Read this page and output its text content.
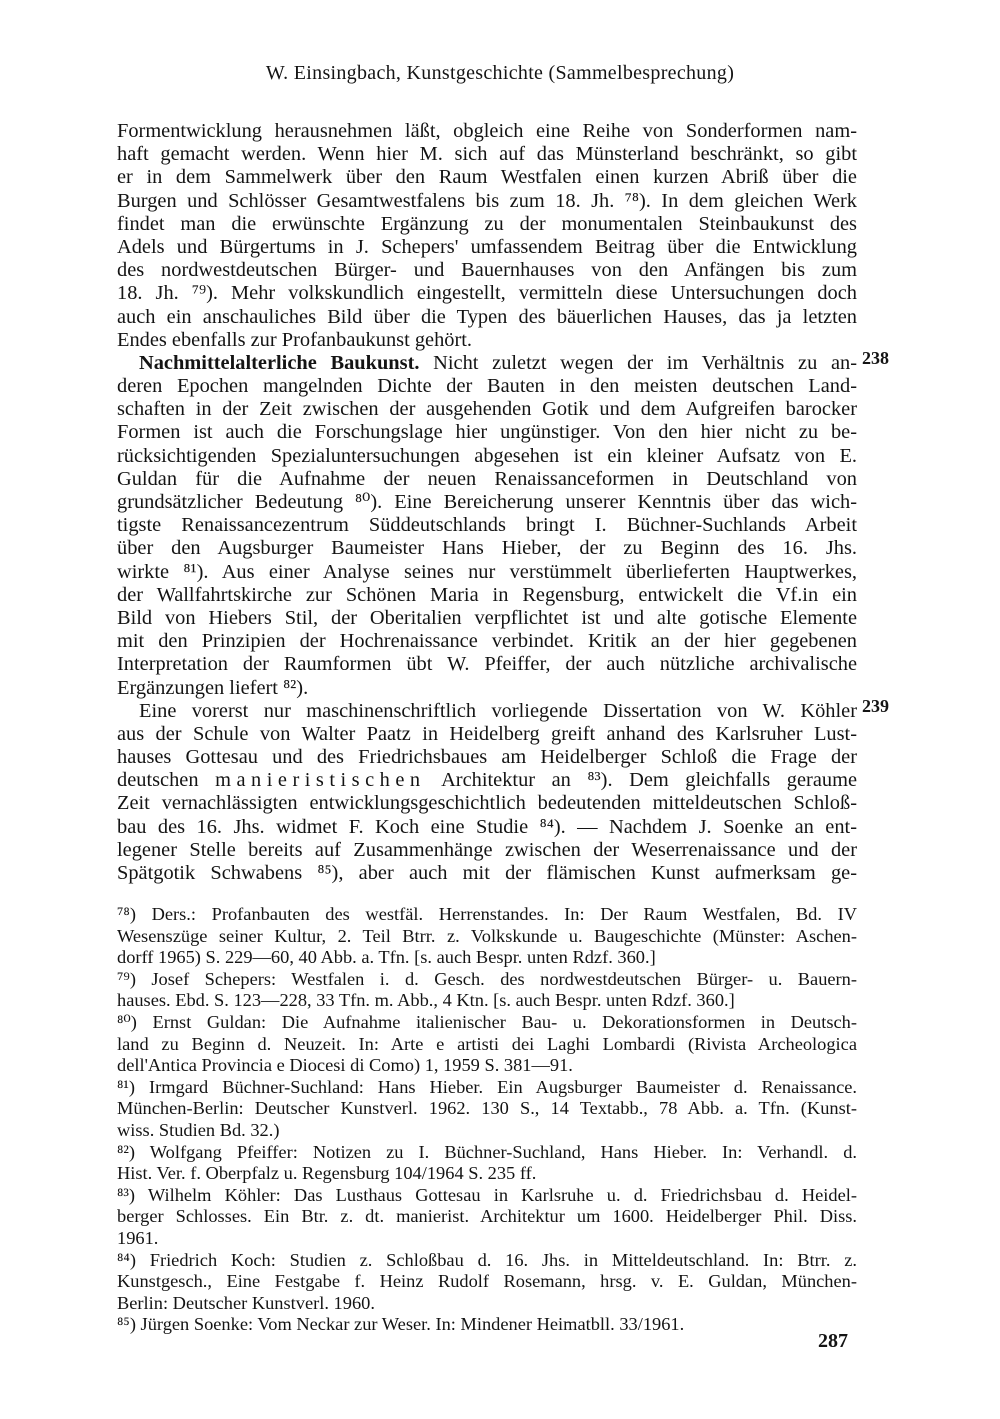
W. Einsingbach, Kunstgeschichte (Sammelbesprechung)
Formentwicklung herausnehmen läßt, obgleich eine Reihe von Sonderformen nam-
haft gemacht werden. Wenn hier M. sich auf das Münsterland beschränkt, so gibt
er in dem Sammelwerk über den Raum Westfalen einen kurzen Abriß über die
Burgen und Schlösser Gesamtwestfalens bis zum 18. Jh. ⁷⁸). In dem gleichen Werk
findet man die erwünschte Ergänzung zu der monumentalen Steinbaukunst des
Adels und Bürgertums in J. Schepers' umfassendem Beitrag über die Entwicklung
des nordwestdeutschen Bürger- und Bauernhauses von den Anfängen bis zum
18. Jh. ⁷⁹). Mehr volkskundlich eingestellt, vermitteln diese Untersuchungen doch
auch ein anschauliches Bild über die Typen des bäuerlichen Hauses, das ja letzten
Endes ebenfalls zur Profanbaukunst gehört.
Nachmittelalterliche Baukunst. Nicht zuletzt wegen der im Verhältnis zu an-
deren Epochen mangelnden Dichte der Bauten in den meisten deutschen Land-
schaften in der Zeit zwischen der ausgehenden Gotik und dem Aufgreifen barocker
Formen ist auch die Forschungslage hier ungünstiger. Von den hier nicht zu be-
rücksichtigenden Spezialuntersuchungen abgesehen ist ein kleiner Aufsatz von E.
Guldan für die Aufnahme der neuen Renaissanceformen in Deutschland von
grundsätzlicher Bedeutung ⁸⁰). Eine Bereicherung unserer Kenntnis über das wich-
tigste Renaissancezentrum Süddeutschlands bringt I. Büchner-Suchlands Arbeit
über den Augsburger Baumeister Hans Hieber, der zu Beginn des 16. Jhs.
wirkte ⁸¹). Aus einer Analyse seines nur verstümmelt überlieferten Hauptwerkes,
der Wallfahrtskirche zur Schönen Maria in Regensburg, entwickelt die Vf.in ein
Bild von Hiebers Stil, der Oberitalien verpflichtet ist und alte gotische Elemente
mit den Prinzipien der Hochrenaissance verbindet. Kritik an der hier gegebenen
Interpretation der Raumformen übt W. Pfeiffer, der auch nützliche archivalische
Ergänzungen liefert ⁸²).
Eine vorerst nur maschinenschriftlich vorliegende Dissertation von W. Köhler
aus der Schule von Walter Paatz in Heidelberg greift anhand des Karlsruher Lust-
hauses Gottesau und des Friedrichsbaues am Heidelberger Schloß die Frage der
deutschen manieristischen Architektur an ⁸³). Dem gleichfalls geraume
Zeit vernachlässigten entwicklungsgeschichtlich bedeutenden mitteldeutschen Schloß-
bau des 16. Jhs. widmet F. Koch eine Studie ⁸⁴). — Nachdem J. Soenke an ent-
legener Stelle bereits auf Zusammenhänge zwischen der Weserrenaissance und der
Spätgotik Schwabens ⁸⁵), aber auch mit der flämischen Kunst aufmerksam ge-
238
239
⁷⁸) Ders.: Profanbauten des westfäl. Herrenstandes. In: Der Raum Westfalen, Bd. IV
Wesenszüge seiner Kultur, 2. Teil Btrr. z. Volkskunde u. Baugeschichte (Münster: Aschen-
dorff 1965) S. 229—60, 40 Abb. a. Tfn. [s. auch Bespr. unten Rdzf. 360.]
⁷⁹) Josef Schepers: Westfalen i. d. Gesch. des nordwestdeutschen Bürger- u. Bauern-
hauses. Ebd. S. 123—228, 33 Tfn. m. Abb., 4 Ktn. [s. auch Bespr. unten Rdzf. 360.]
⁸⁰) Ernst Guldan: Die Aufnahme italienischer Bau- u. Dekorationsformen in Deutsch-
land zu Beginn d. Neuzeit. In: Arte e artisti dei Laghi Lombardi (Rivista Archeologica
dell'Antica Provincia e Diocesi di Como) 1, 1959 S. 381—91.
⁸¹) Irmgard Büchner-Suchland: Hans Hieber. Ein Augsburger Baumeister d. Renaissance.
München-Berlin: Deutscher Kunstverl. 1962. 130 S., 14 Textabb., 78 Abb. a. Tfn. (Kunst-
wiss. Studien Bd. 32.)
⁸²) Wolfgang Pfeiffer: Notizen zu I. Büchner-Suchland, Hans Hieber. In: Verhandl. d.
Hist. Ver. f. Oberpfalz u. Regensburg 104/1964 S. 235 ff.
⁸³) Wilhelm Köhler: Das Lusthaus Gottesau in Karlsruhe u. d. Friedrichsbau d. Heidel-
berger Schlosses. Ein Btr. z. dt. manierist. Architektur um 1600. Heidelberger Phil. Diss.
1961.
⁸⁴) Friedrich Koch: Studien z. Schloßbau d. 16. Jhs. in Mitteldeutschland. In: Btrr. z.
Kunstgesch., Eine Festgabe f. Heinz Rudolf Rosemann, hrsg. v. E. Guldan, München-
Berlin: Deutscher Kunstverl. 1960.
⁸⁵) Jürgen Soenke: Vom Neckar zur Weser. In: Mindener Heimatbll. 33/1961.
287
